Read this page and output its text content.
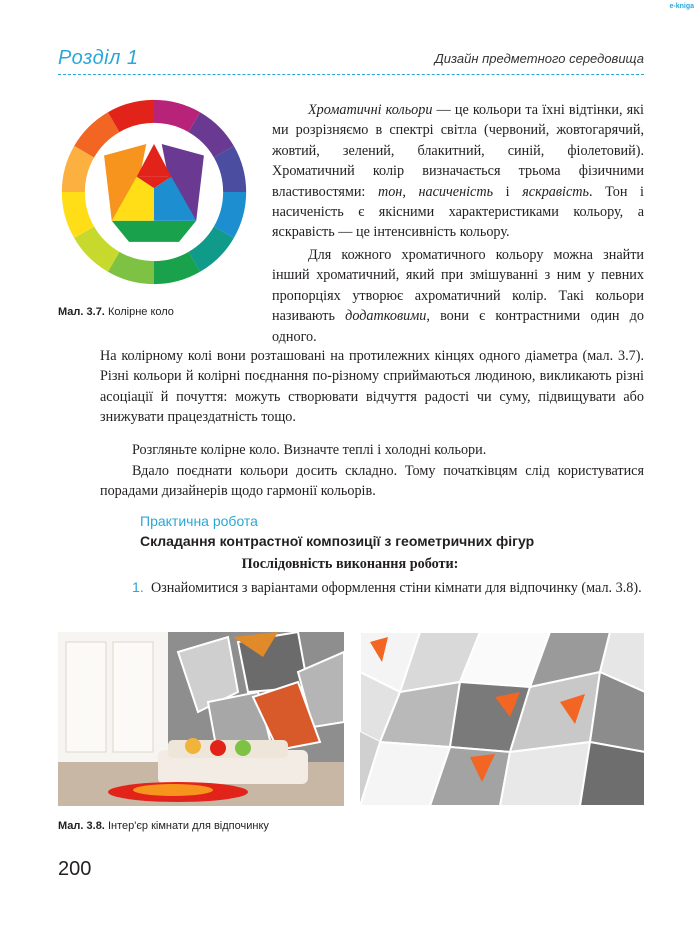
e-kniga
Розділ 1	Дизайн предметного середовища
Мал. 3.7. Колірне коло
Хроматичні кольори — це кольори та їхні відтінки, які ми розрізняємо в спектрі світла (червоний, жовтогарячий, жовтий, зелений, блакитний, синій, фіолетовий). Хроматичний колір визначається трьома фізичними властивостями: тон, насиченість і яскравість. Тон і насиченість є якісними характеристиками кольору, а яскравість — це інтенсивність кольору.
Для кожного хроматичного кольору можна знайти інший хроматичний, який при змішуванні з ним у певних пропорціях утворює ахроматичний колір. Такі кольори називають додатковими, вони є контрастними один до одного.
На колірному колі вони розташовані на протилежних кінцях одного діаметра (мал. 3.7). Різні кольори й колірні поєднання по-різному сприймаються людиною, викликають різні асоціації й почуття: можуть створювати відчуття радості чи суму, підвищувати або знижувати працездатність тощо.
Розгляньте колірне коло. Визначте теплі і холодні кольори.
Вдало поєднати кольори досить складно. Тому початківцям слід користуватися порадами дизайнерів щодо гармонії кольорів.
Практична робота
Складання контрастної композиції з геометричних фігур
Послідовність виконання роботи:
1. Ознайомитися з варіантами оформлення стіни кімнати для відпочинку (мал. 3.8).
Мал. 3.8. Інтер'єр кімнати для відпочинку
200
